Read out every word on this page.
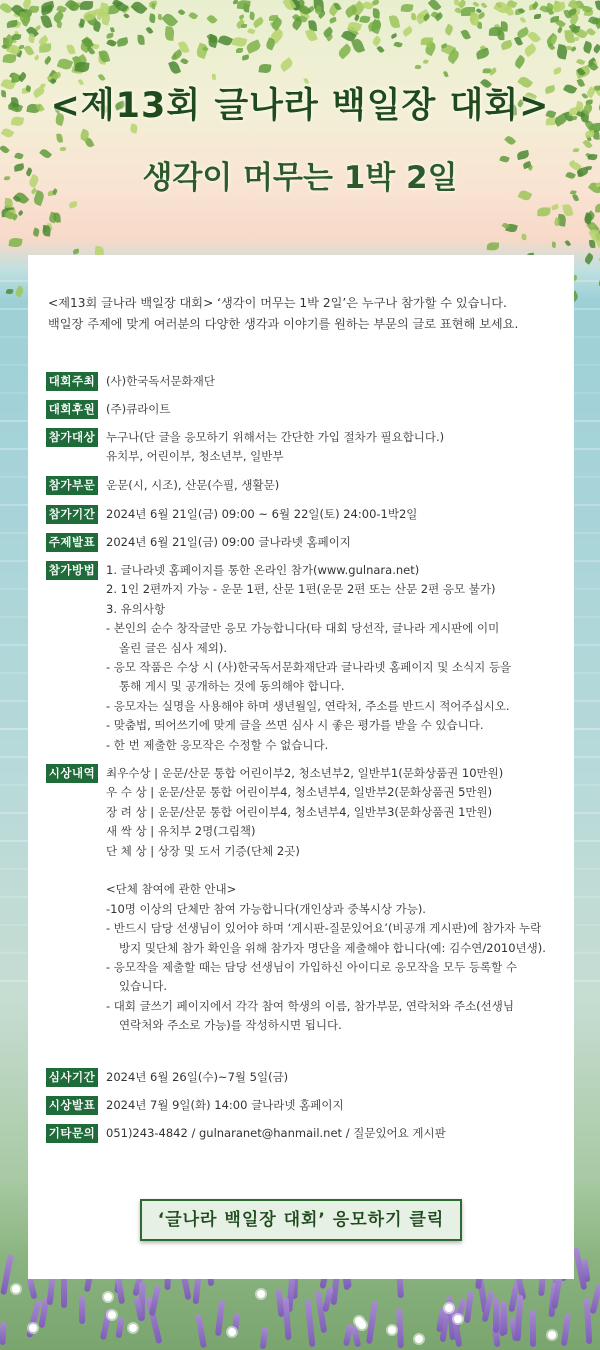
<제13회 글나라 백일장 대회>
생각이 머무는 1박 2일

<제13회 글나라 백일장 대회> ‘생각이 머무는 1박 2일’은 누구나 참가할 수 있습니다.

백일장 주제에 맞게 여러분의 다양한 생각과 이야기를 원하는 부문의 글로 표현해 보세요.

대회주최 (사)한국독서문화재단
대회후원 (주)큐라이트
참가대상 누구나(단 글을 응모하기 위해서는 간단한 가입 절차가 필요합니다.)
유치부, 어린이부, 청소년부, 일반부
참가부문 운문(시, 시조), 산문(수필, 생활문)
참가기간 2024년 6월 21일(금) 09:00 ~ 6월 22일(토) 24:00-1박2일
주제발표 2024년 6월 21일(금) 09:00 글나라넷 홈페이지
참가방법 1. 글나라넷 홈페이지를 통한 온라인 참가(www.gulnara.net)
2. 1인 2편까지 가능 - 운문 1편, 산문 1편(운문 2편 또는 산문 2편 응모 불가)
3. 유의사항
- 본인의 순수 창작글만 응모 가능합니다(타 대회 당선작, 글나라 게시판에 이미
올린 글은 심사 제외).
- 응모 작품은 수상 시 (사)한국독서문화재단과 글나라넷 홈페이지 및 소식지 등을
통해 게시 및 공개하는 것에 동의해야 합니다.
- 응모자는 실명을 사용해야 하며 생년월일, 연락처, 주소를 반드시 적어주십시오.
- 맞춤법, 띄어쓰기에 맞게 글을 쓰면 심사 시 좋은 평가를 받을 수 있습니다.
- 한 번 제출한 응모작은 수정할 수 없습니다.
시상내역 최우수상 | 운문/산문 통합 어린이부2, 청소년부2, 일반부1(문화상품권 10만원)
우 수 상 | 운문/산문 통합 어린이부4, 청소년부4, 일반부2(문화상품권 5만원)
장 려 상 | 운문/산문 통합 어린이부4, 청소년부4, 일반부3(문화상품권 1만원)
새 싹 상 | 유치부 2명(그림책)
단 체 상 | 상장 및 도서 기증(단체 2곳)
<단체 참여에 관한 안내>
-10명 이상의 단체만 참여 가능합니다(개인상과 중복시상 가능).
- 반드시 담당 선생님이 있어야 하며 ‘게시판-질문있어요’(비공개 게시판)에 참가자 누락
방지 및단체 참가 확인을 위해 참가자 명단을 제출해야 합니다(예: 김수연/2010년생).
- 응모작을 제출할 때는 담당 선생님이 가입하신 아이디로 응모작을 모두 등록할 수
있습니다.
- 대회 글쓰기 페이지에서 각각 참여 학생의 이름, 참가부문, 연락처와 주소(선생님
연락처와 주소로 가능)를 작성하시면 됩니다.
심사기간 2024년 6월 26일(수)~7월 5일(금)
시상발표 2024년 7월 9일(화) 14:00 글나라넷 홈페이지
기타문의 051)243-4842 / gulnaranet@hanmail.net / 질문있어요 게시판
‘글나라 백일장 대회’ 응모하기 클릭
